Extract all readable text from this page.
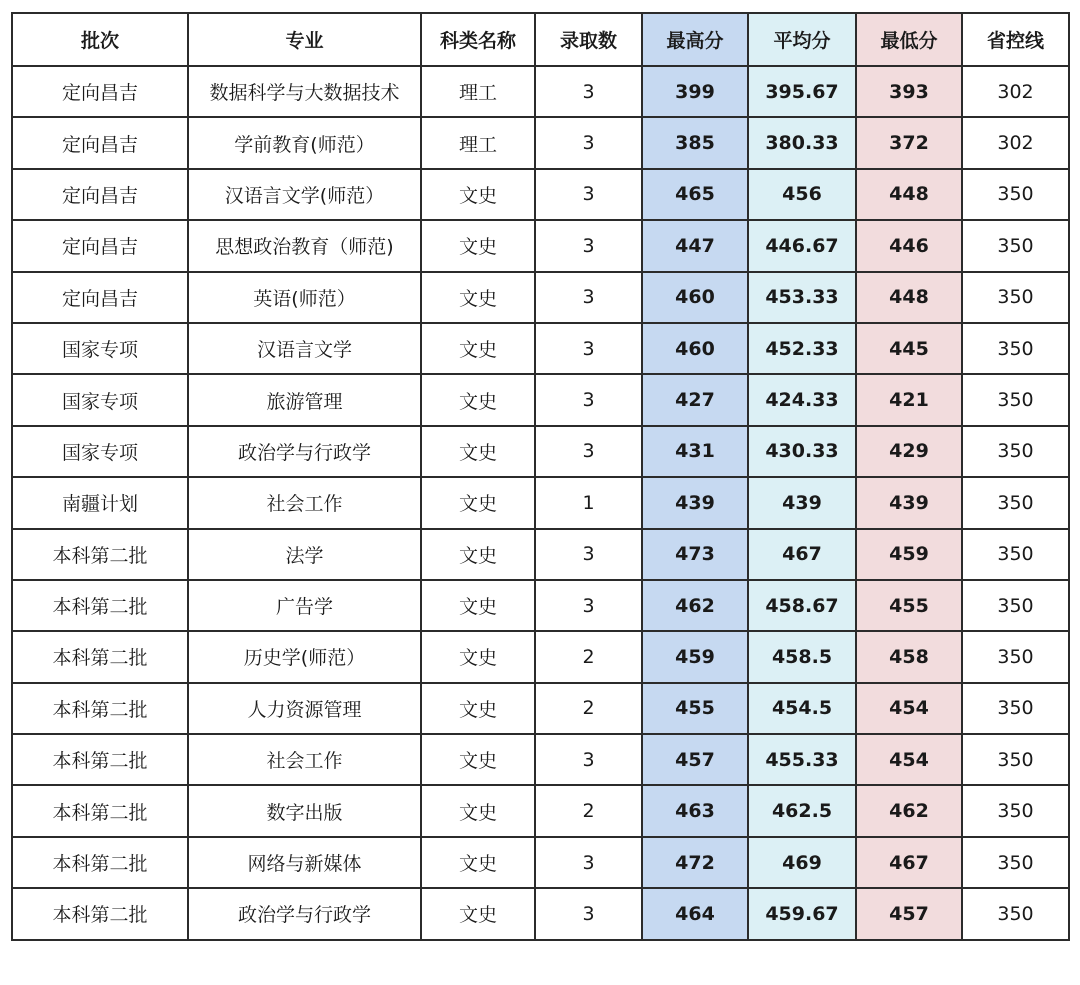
批次	专业	科类名称	录取数	最高分	平均分	最低分	省控线
定向昌吉	数据科学与大数据技术	理工	3	399	395.67	393	302
定向昌吉	学前教育(师范）	理工	3	385	380.33	372	302
定向昌吉	汉语言文学(师范）	文史	3	465	456	448	350
定向昌吉	思想政治教育（师范)	文史	3	447	446.67	446	350
定向昌吉	英语(师范）	文史	3	460	453.33	448	350
国家专项	汉语言文学	文史	3	460	452.33	445	350
国家专项	旅游管理	文史	3	427	424.33	421	350
国家专项	政治学与行政学	文史	3	431	430.33	429	350
南疆计划	社会工作	文史	1	439	439	439	350
本科第二批	法学	文史	3	473	467	459	350
本科第二批	广告学	文史	3	462	458.67	455	350
本科第二批	历史学(师范）	文史	2	459	458.5	458	350
本科第二批	人力资源管理	文史	2	455	454.5	454	350
本科第二批	社会工作	文史	3	457	455.33	454	350
本科第二批	数字出版	文史	2	463	462.5	462	350
本科第二批	网络与新媒体	文史	3	472	469	467	350
本科第二批	政治学与行政学	文史	3	464	459.67	457	350
